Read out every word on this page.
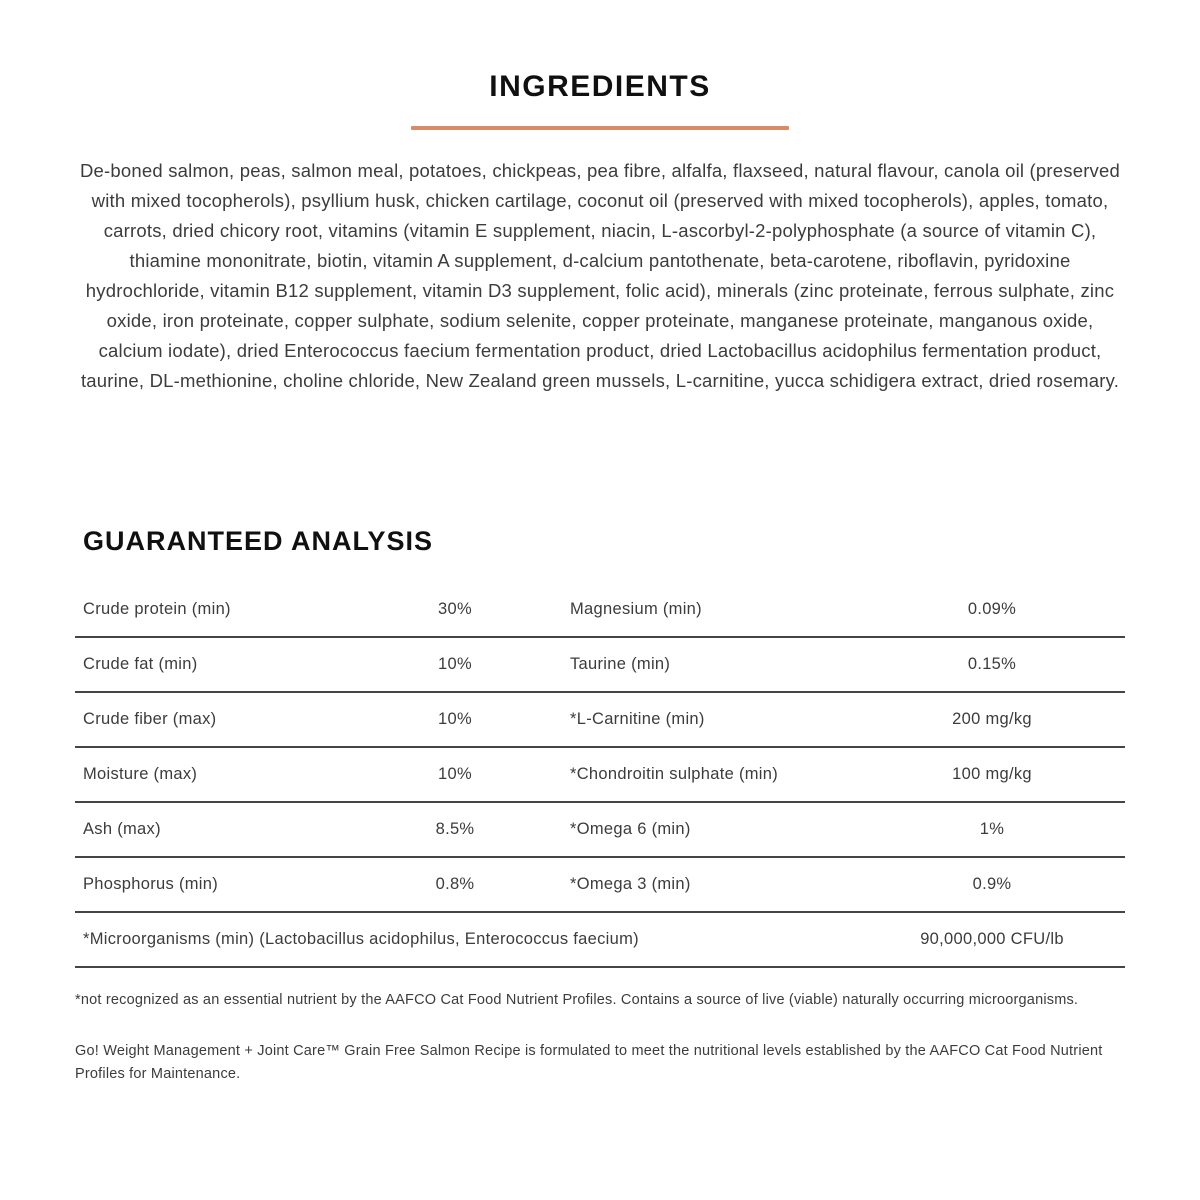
INGREDIENTS

De-boned salmon, peas, salmon meal, potatoes, chickpeas, pea fibre, alfalfa, flaxseed, natural flavour, canola oil (preserved with mixed tocopherols), psyllium husk, chicken cartilage, coconut oil (preserved with mixed tocopherols), apples, tomato, carrots, dried chicory root, vitamins (vitamin E supplement, niacin, L-ascorbyl-2-polyphosphate (a source of vitamin C), thiamine mononitrate, biotin, vitamin A supplement, d-calcium pantothenate, beta-carotene, riboflavin, pyridoxine hydrochloride, vitamin B12 supplement, vitamin D3 supplement, folic acid), minerals (zinc proteinate, ferrous sulphate, zinc oxide, iron proteinate, copper sulphate, sodium selenite, copper proteinate, manganese proteinate, manganous oxide, calcium iodate), dried Enterococcus faecium fermentation product, dried Lactobacillus acidophilus fermentation product, taurine, DL-methionine, choline chloride, New Zealand green mussels, L-carnitine, yucca schidigera extract, dried rosemary.

GUARANTEED ANALYSIS
Crude protein (min)	30%	Magnesium (min)	0.09%
Crude fat (min)	10%	Taurine (min)	0.15%
Crude fiber (max)	10%	*L-Carnitine (min)	200 mg/kg
Moisture (max)	10%	*Chondroitin sulphate (min)	100 mg/kg
Ash (max)	8.5%	*Omega 6 (min)	1%
Phosphorus (min)	0.8%	*Omega 3 (min)	0.9%
*Microorganisms (min) (Lactobacillus acidophilus, Enterococcus faecium)	90,000,000 CFU/lb

*not recognized as an essential nutrient by the AAFCO Cat Food Nutrient Profiles. Contains a source of live (viable) naturally occurring microorganisms.

Go! Weight Management + Joint Care™ Grain Free Salmon Recipe is formulated to meet the nutritional levels established by the AAFCO Cat Food Nutrient Profiles for Maintenance.
